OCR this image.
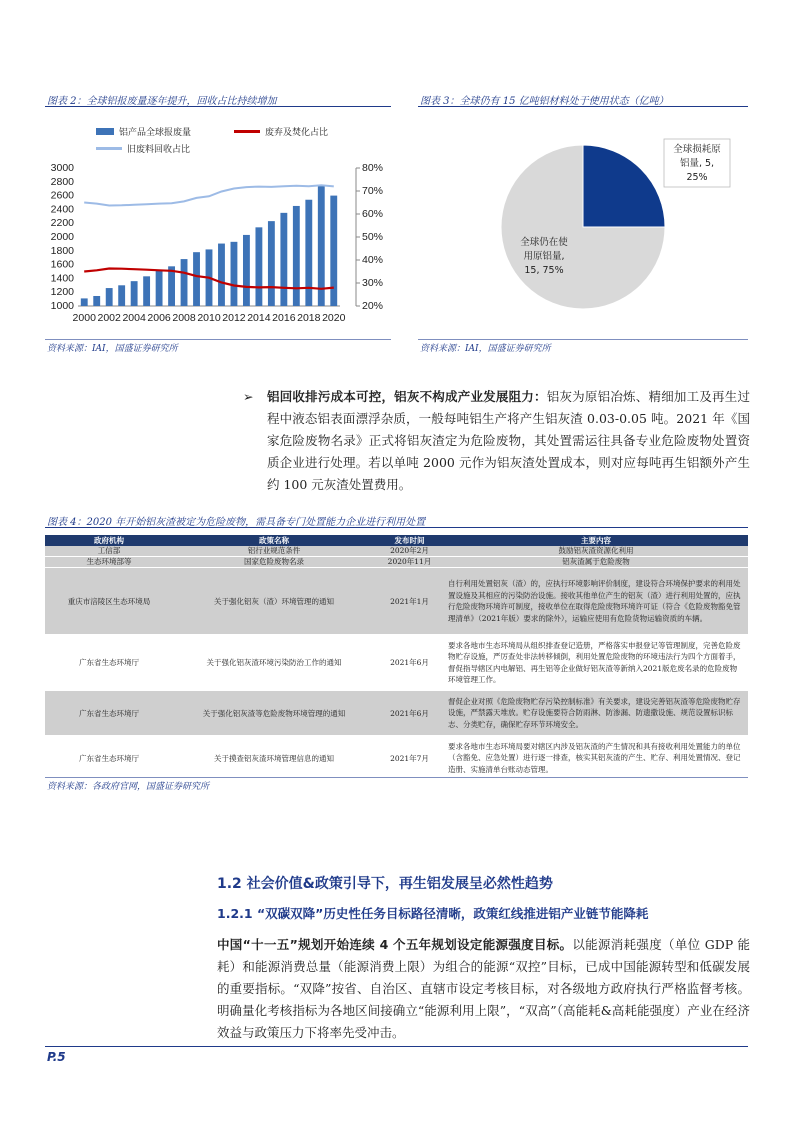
图表 2：全球铝报废量逐年提升，回收占比持续增加
铝产品全球报废量	废弃及焚化占比
旧废料回收占比
1000
1200
1400
1600
1800
2000
2200
2400
2600
2800
3000
20%
30%
40%
50%
60%
70%
80%
2000 2002 2004 2006 2008 2010 2012 2014 2016 2018 2020
资料来源：IAI，国盛证券研究所
图表 3：全球仍有 15 亿吨铝材料处于使用状态（亿吨）
全球损耗原
铝量, 5,
25%
全球仍在使
用原铝量,
15, 75%
资料来源：IAI，国盛证券研究所
➢	铝回收排污成本可控，铝灰不构成产业发展阻力：铝灰为原铝冶炼、精细加工及再生过程中液态铝表面漂浮杂质，一般每吨铝生产将产生铝灰渣 0.03-0.05 吨。2021 年《国家危险废物名录》正式将铝灰渣定为危险废物，其处置需运往具备专业危险废物处置资质企业进行处理。若以单吨 2000 元作为铝灰渣处置成本，则对应每吨再生铝额外产生约 100 元灰渣处置费用。
图表 4：2020 年开始铝灰渣被定为危险废物，需具备专门处置能力企业进行利用处置
政府机构	政策名称	发布时间	主要内容
工信部	铝行业规范条件	2020年2月	鼓励铝灰渣资源化利用
生态环境部等	国家危险废物名录	2020年11月	铝灰渣属于危险废物
重庆市涪陵区生态环境局	关于强化铝灰（渣）环境管理的通知	2021年1月	自行利用处置铝灰（渣）的，应执行环境影响评价制度，建设符合环境保护要求的利用处置设施及其相应的污染防治设施。接收其他单位产生的铝灰（渣）进行利用处置的，应执行危险废物环境许可制度，接收单位在取得危险废物环境许可证（符合《危险废物豁免管理清单》（2021年版）要求的除外），运输应使用有危险货物运输资质的车辆。
广东省生态环境厅	关于强化铝灰渣环境污染防治工作的通知	2021年6月	要求各地市生态环境局从组织排查登记造册，严格落实申报登记等管理制度，完善危险废物贮存设施，严厉查处非法转移倾倒，利用处置危险废物的环境违法行为四个方面着手，督促指导辖区内电解铝、再生铝等企业做好铝灰渣等新纳入2021版危废名录的危险废物环境管理工作。
广东省生态环境厅	关于强化铝灰渣等危险废物环境管理的通知	2021年6月	督促企业对照《危险废物贮存污染控制标准》有关要求，建设完善铝灰渣等危险废物贮存设施，严禁露天堆放。贮存设施要符合防雨淋、防渗漏、防遗撒设施、规范设置标识标志、分类贮存，确保贮存环节环境安全。
广东省生态环境厅	关于摸查铝灰渣环境管理信息的通知	2021年7月	要求各地市生态环境局要对辖区内涉及铝灰渣的产生情况和具有接收利用处置能力的单位（含豁免、应急处置）进行逐一排查，核实其铝灰渣的产生、贮存、利用处置情况、登记造册、实施清单台账动态管理。
资料来源：各政府官网，国盛证券研究所
1.2 社会价值&政策引导下，再生铝发展呈必然性趋势
1.2.1 “双碳双降”历史性任务目标路径清晰，政策红线推进铝产业链节能降耗
中国“十一五”规划开始连续 4 个五年规划设定能源强度目标。以能源消耗强度（单位 GDP 能耗）和能源消费总量（能源消费上限）为组合的能源“双控”目标，已成中国能源转型和低碳发展的重要指标。“双降”按省、自治区、直辖市设定考核目标，对各级地方政府执行严格监督考核。明确量化考核指标为各地区间接确立“能源利用上限”，“双高”（高能耗&高耗能强度）产业在经济效益与政策压力下将率先受冲击。
P.5
